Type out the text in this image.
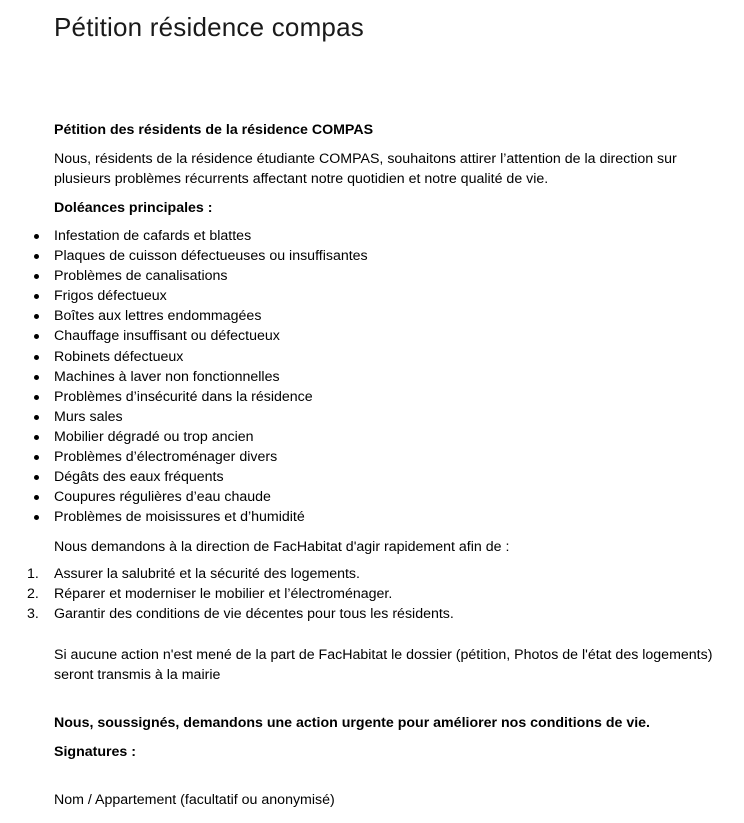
Pétition résidence compas

Pétition des résidents de la résidence COMPAS

Nous, résidents de la résidence étudiante COMPAS, souhaitons attirer l’attention de la direction sur plusieurs problèmes récurrents affectant notre quotidien et notre qualité de vie.

Doléances principales :

Infestation de cafards et blattes
Plaques de cuisson défectueuses ou insuffisantes
Problèmes de canalisations
Frigos défectueux
Boîtes aux lettres endommagées
Chauffage insuffisant ou défectueux
Robinets défectueux
Machines à laver non fonctionnelles
Problèmes d’insécurité dans la résidence
Murs sales
Mobilier dégradé ou trop ancien
Problèmes d’électroménager divers
Dégâts des eaux fréquents
Coupures régulières d’eau chaude
Problèmes de moisissures et d’humidité

Nous demandons à la direction de FacHabitat d'agir rapidement afin de :

1.	Assurer la salubrité et la sécurité des logements.
2.	Réparer et moderniser le mobilier et l’électroménager.
3.	Garantir des conditions de vie décentes pour tous les résidents.

Si aucune action n'est mené de la part de FacHabitat le dossier (pétition, Photos de l'état des logements) seront transmis à la mairie

Nous, soussignés, demandons une action urgente pour améliorer nos conditions de vie.

Signatures :

Nom / Appartement (facultatif ou anonymisé)
